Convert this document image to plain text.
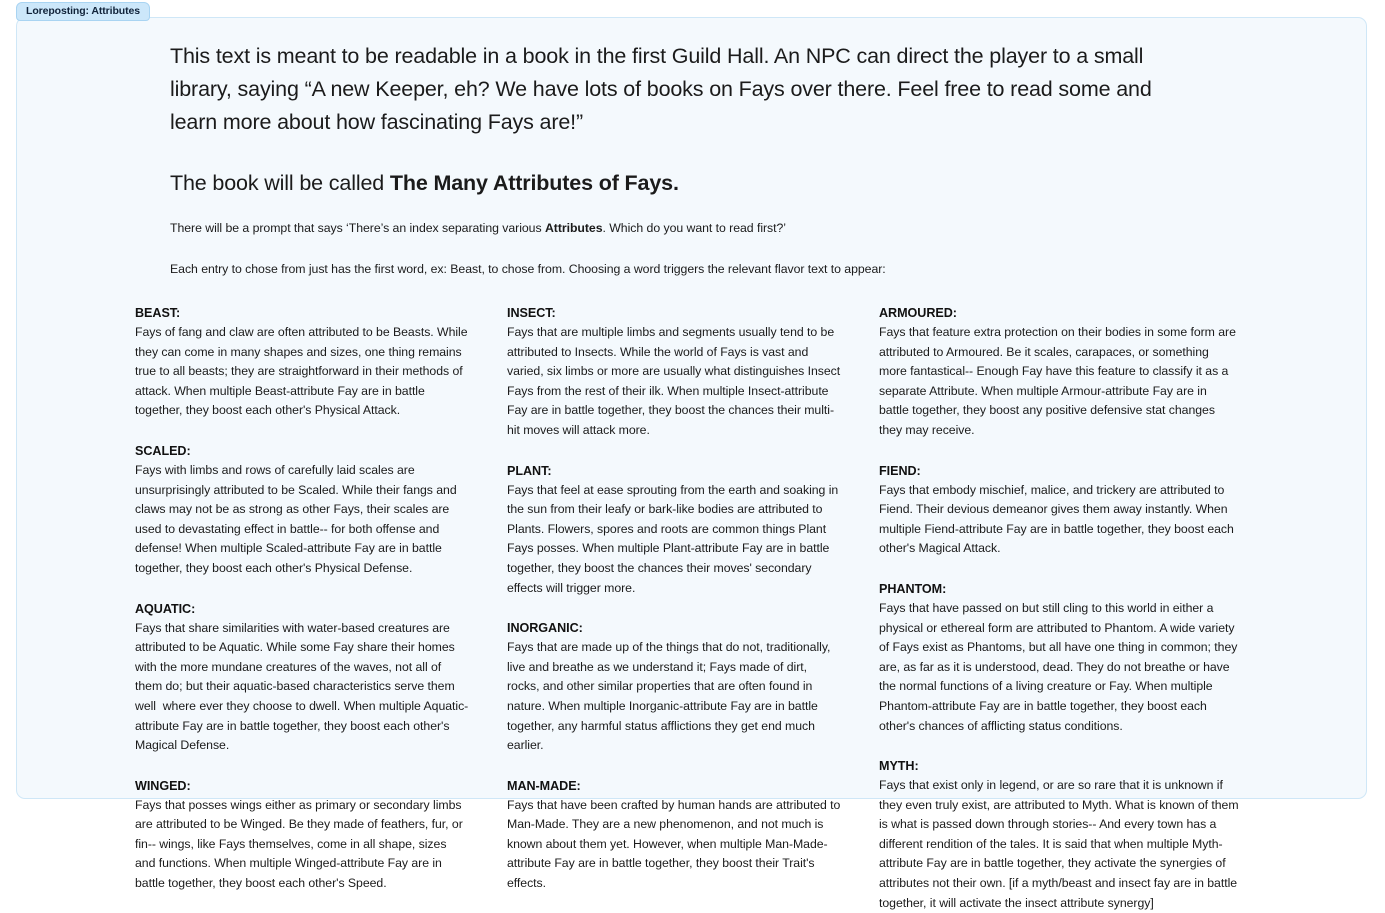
Loreposting: Attributes

This text is meant to be readable in a book in the first Guild Hall. An NPC can direct the player to a small library, saying “A new Keeper, eh? We have lots of books on Fays over there. Feel free to read some and learn more about how fascinating Fays are!”

The book will be called The Many Attributes of Fays.

There will be a prompt that says ‘There’s an index separating various Attributes. Which do you want to read first?’

Each entry to chose from just has the first word, ex: Beast, to chose from. Choosing a word triggers the relevant flavor text to appear:

BEAST:

Fays of fang and claw are often attributed to be Beasts. While they can come in many shapes and sizes, one thing remains true to all beasts; they are straightforward in their methods of attack. When multiple Beast-attribute Fay are in battle together, they boost each other's Physical Attack.

SCALED:

Fays with limbs and rows of carefully laid scales are unsurprisingly attributed to be Scaled. While their fangs and claws may not be as strong as other Fays, their scales are used to devastating effect in battle-- for both offense and defense! When multiple Scaled-attribute Fay are in battle together, they boost each other's Physical Defense.

AQUATIC:

Fays that share similarities with water-based creatures are attributed to be Aquatic. While some Fay share their homes with the more mundane creatures of the waves, not all of them do; but their aquatic-based characteristics serve them well  where ever they choose to dwell. When multiple Aquatic-attribute Fay are in battle together, they boost each other's Magical Defense.

WINGED:

Fays that posses wings either as primary or secondary limbs are attributed to be Winged. Be they made of feathers, fur, or fin-- wings, like Fays themselves, come in all shape, sizes and functions. When multiple Winged-attribute Fay are in battle together, they boost each other's Speed.

INSECT:

Fays that are multiple limbs and segments usually tend to be attributed to Insects. While the world of Fays is vast and varied, six limbs or more are usually what distinguishes Insect Fays from the rest of their ilk. When multiple Insect-attribute Fay are in battle together, they boost the chances their multi-hit moves will attack more.

PLANT:

Fays that feel at ease sprouting from the earth and soaking in the sun from their leafy or bark-like bodies are attributed to Plants. Flowers, spores and roots are common things Plant Fays posses. When multiple Plant-attribute Fay are in battle together, they boost the chances their moves' secondary effects will trigger more.

INORGANIC:

Fays that are made up of the things that do not, traditionally, live and breathe as we understand it; Fays made of dirt, rocks, and other similar properties that are often found in nature. When multiple Inorganic-attribute Fay are in battle together, any harmful status afflictions they get end much earlier.

MAN-MADE:

Fays that have been crafted by human hands are attributed to Man-Made. They are a new phenomenon, and not much is known about them yet. However, when multiple Man-Made-attribute Fay are in battle together, they boost their Trait's effects.

ARMOURED:

Fays that feature extra protection on their bodies in some form are attributed to Armoured. Be it scales, carapaces, or something more fantastical-- Enough Fay have this feature to classify it as a separate Attribute. When multiple Armour-attribute Fay are in battle together, they boost any positive defensive stat changes they may receive.

FIEND:

Fays that embody mischief, malice, and trickery are attributed to Fiend. Their devious demeanor gives them away instantly. When multiple Fiend-attribute Fay are in battle together, they boost each other's Magical Attack.

PHANTOM:

Fays that have passed on but still cling to this world in either a physical or ethereal form are attributed to Phantom. A wide variety of Fays exist as Phantoms, but all have one thing in common; they are, as far as it is understood, dead. They do not breathe or have the normal functions of a living creature or Fay. When multiple Phantom-attribute Fay are in battle together, they boost each other's chances of afflicting status conditions.

MYTH:

Fays that exist only in legend, or are so rare that it is unknown if they even truly exist, are attributed to Myth. What is known of them is what is passed down through stories-- And every town has a different rendition of the tales. It is said that when multiple Myth-attribute Fay are in battle together, they activate the synergies of attributes not their own. [if a myth/beast and insect fay are in battle together, it will activate the insect attribute synergy]
